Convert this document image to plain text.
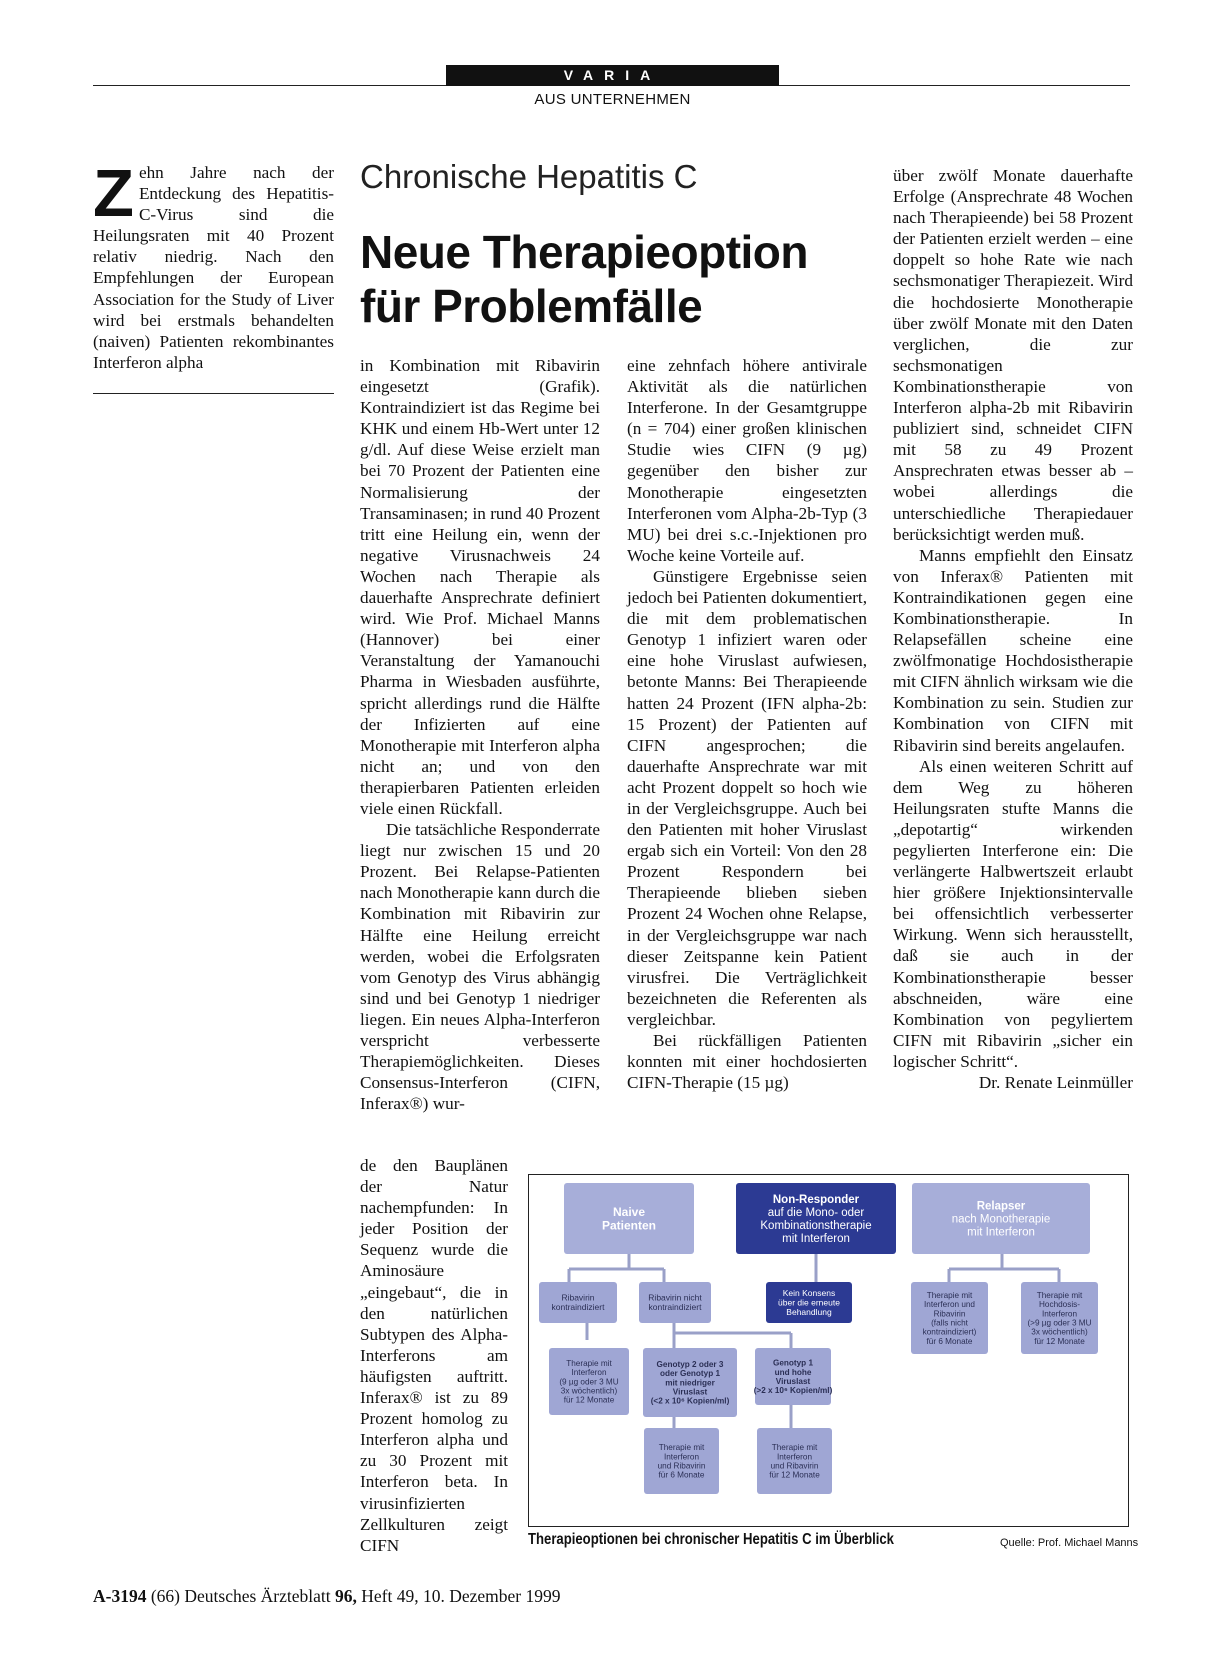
VARIA
AUS UNTERNEHMEN
Zehn Jahre nach der Entdeckung des Hepatitis-C-Virus sind die Heilungsraten mit 40 Prozent relativ niedrig. Nach den Empfehlungen der European Association for the Study of Liver wird bei erstmals behandelten (naiven) Patienten rekombinantes Interferon alpha
Chronische Hepatitis C
Neue Therapieoption für Problemfälle

in Kombination mit Ribavirin eingesetzt (Grafik). Kontraindiziert ist das Regime bei KHK und einem Hb-Wert unter 12 g/dl. Auf diese Weise erzielt man bei 70 Prozent der Patienten eine Normalisierung der Transaminasen; in rund 40 Prozent tritt eine Heilung ein, wenn der negative Virusnachweis 24 Wochen nach Therapie als dauerhafte Ansprechrate definiert wird. Wie Prof. Michael Manns (Hannover) bei einer Veranstaltung der Yamanouchi Pharma in Wiesbaden ausführte, spricht allerdings rund die Hälfte der Infizierten auf eine Monotherapie mit Interferon alpha nicht an; und von den therapierbaren Patienten erleiden viele einen Rückfall.

Die tatsächliche Responderrate liegt nur zwischen 15 und 20 Prozent. Bei Relapse-Patienten nach Monotherapie kann durch die Kombination mit Ribavirin zur Hälfte eine Heilung erreicht werden, wobei die Erfolgsraten vom Genotyp des Virus abhängig sind und bei Genotyp 1 niedriger liegen. Ein neues Alpha-Interferon verspricht verbesserte Therapiemöglichkeiten. Dieses Consensus-Interferon (CIFN, Inferax®) wur-

de den Bauplänen der Natur nachempfunden: In jeder Position der Sequenz wurde die Aminosäure „eingebaut“, die in den natürlichen Subtypen des Alpha-Interferons am häufigsten auftritt. Inferax® ist zu 89 Prozent homolog zu Interferon alpha und zu 30 Prozent mit Interferon beta. In virusinfizierten Zellkulturen zeigt CIFN

eine zehnfach höhere antivirale Aktivität als die natürlichen Interferone. In der Gesamtgruppe (n = 704) einer großen klinischen Studie wies CIFN (9 µg) gegenüber den bisher zur Monotherapie eingesetzten Interferonen vom Alpha-2b-Typ (3 MU) bei drei s.c.-Injektionen pro Woche keine Vorteile auf.

Günstigere Ergebnisse seien jedoch bei Patienten dokumentiert, die mit dem problematischen Genotyp 1 infiziert waren oder eine hohe Viruslast aufwiesen, betonte Manns: Bei Therapieende hatten 24 Prozent (IFN alpha-2b: 15 Prozent) der Patienten auf CIFN angesprochen; die dauerhafte Ansprechrate war mit acht Prozent doppelt so hoch wie in der Vergleichsgruppe. Auch bei den Patienten mit hoher Viruslast ergab sich ein Vorteil: Von den 28 Prozent Respondern bei Therapieende blieben sieben Prozent 24 Wochen ohne Relapse, in der Vergleichsgruppe war nach dieser Zeitspanne kein Patient virusfrei. Die Verträglichkeit bezeichneten die Referenten als vergleichbar.

Bei rückfälligen Patienten konnten mit einer hochdosierten CIFN-Therapie (15 µg)

über zwölf Monate dauerhafte Erfolge (Ansprechrate 48 Wochen nach Therapieende) bei 58 Prozent der Patienten erzielt werden – eine doppelt so hohe Rate wie nach sechsmonatiger Therapiezeit. Wird die hochdosierte Monotherapie über zwölf Monate mit den Daten verglichen, die zur sechsmonatigen Kombinationstherapie von Interferon alpha-2b mit Ribavirin publiziert sind, schneidet CIFN mit 58 zu 49 Prozent Ansprechraten etwas besser ab – wobei allerdings die unterschiedliche Therapiedauer berücksichtigt werden muß.

Manns empfiehlt den Einsatz von Inferax® Patienten mit Kontraindikationen gegen eine Kombinationstherapie. In Relapsefällen scheine eine zwölfmonatige Hochdosistherapie mit CIFN ähnlich wirksam wie die Kombination zu sein. Studien zur Kombination von CIFN mit Ribavirin sind bereits angelaufen.

Als einen weiteren Schritt auf dem Weg zu höheren Heilungsraten stufte Manns die „depotartig“ wirkenden pegylierten Interferone ein: Die verlängerte Halbwertszeit erlaubt hier größere Injektionsintervalle bei offensichtlich verbesserter Wirkung. Wenn sich herausstellt, daß sie auch in der Kombinationstherapie besser abschneiden, wäre eine Kombination von pegyliertem CIFN mit Ribavirin „sicher ein logischer Schritt“.

Dr. Renate Leinmüller

Naive
Patienten
Non-Responder
auf die Mono- oder
Kombinationstherapie
mit Interferon
Relapser
nach Monotherapie
mit Interferon
Ribavirin
kontraindiziert
Ribavirin nicht
kontraindiziert
Kein Konsens
über die erneute
Behandlung
Therapie mit
Interferon und
Ribavirin
(falls nicht
kontraindiziert)
für 6 Monate
Therapie mit
Hochdosis-
Interferon
(>9 µg oder 3 MU
3x wöchentlich)
für 12 Monate
Therapie mit
Interferon
(9 µg oder 3 MU
3x wöchentlich)
für 12 Monate
Genotyp 2 oder 3
oder Genotyp 1
mit niedriger
Viruslast
(<2 x 10⁶ Kopien/ml)
Genotyp 1
und hohe
Viruslast
(>2 x 10⁶ Kopien/ml)
Therapie mit
Interferon
und Ribavirin
für 6 Monate
Therapie mit
Interferon
und Ribavirin
für 12 Monate
Therapieoptionen bei chronischer Hepatitis C im Überblick	Quelle: Prof. Michael Manns
A-3194 (66) Deutsches Ärzteblatt 96, Heft 49, 10. Dezember 1999
